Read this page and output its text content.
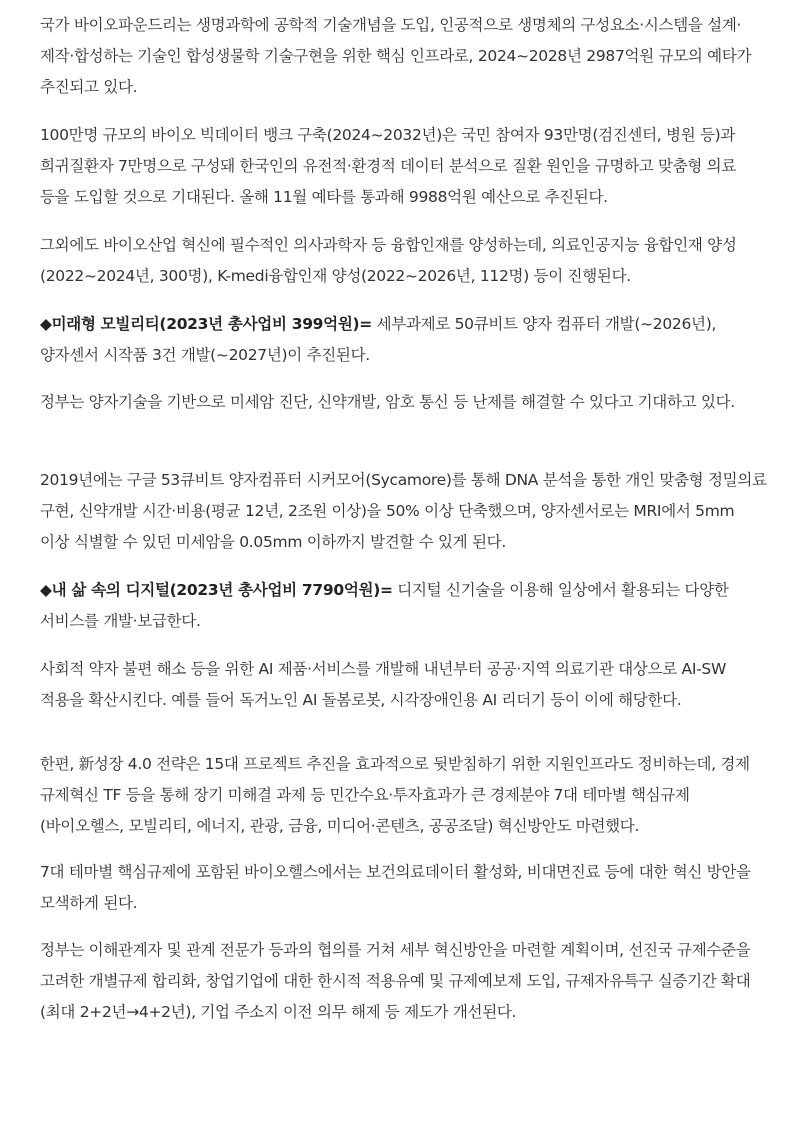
국가 바이오파운드리는 생명과학에 공학적 기술개념을 도입, 인공적으로 생명체의 구성요소·시스템을 설계·제작·합성하는 기술인 합성생물학 기술구현을 위한 핵심 인프라로, 2024~2028년 2987억원 규모의 예타가 추진되고 있다.

100만명 규모의 바이오 빅데이터 뱅크 구축(2024~2032년)은 국민 참여자 93만명(검진센터, 병원 등)과 희귀질환자 7만명으로 구성돼 한국인의 유전적·환경적 데이터 분석으로 질환 원인을 규명하고 맞춤형 의료 등을 도입할 것으로 기대된다. 올해 11월 예타를 통과해 9988억원 예산으로 추진된다.

그외에도 바이오산업 혁신에 필수적인 의사과학자 등 융합인재를 양성하는데, 의료인공지능 융합인재 양성(2022~2024년, 300명), K-medi융합인재 양성(2022~2026년, 112명) 등이 진행된다.

◆미래형 모빌리티(2023년 총사업비 399억원)= 세부과제로 50큐비트 양자 컴퓨터 개발(~2026년), 양자센서 시작품 3건 개발(~2027년)이 추진된다.

정부는 양자기술을 기반으로 미세암 진단, 신약개발, 암호 통신 등 난제를 해결할 수 있다고 기대하고 있다.

2019년에는 구글 53큐비트 양자컴퓨터 시커모어(Sycamore)를 통해 DNA 분석을 통한 개인 맞춤형 정밀의료 구현, 신약개발 시간·비용(평균 12년, 2조원 이상)을 50% 이상 단축했으며, 양자센서로는 MRI에서 5mm 이상 식별할 수 있던 미세암을 0.05mm 이하까지 발견할 수 있게 된다.

◆내 삶 속의 디지털(2023년 총사업비 7790억원)= 디지털 신기술을 이용해 일상에서 활용되는 다양한 서비스를 개발·보급한다.

사회적 약자 불편 해소 등을 위한 AI 제품·서비스를 개발해 내년부터 공공·지역 의료기관 대상으로 AI-SW 적용을 확산시킨다. 예를 들어 독거노인 AI 돌봄로봇, 시각장애인용 AI 리더기 등이 이에 해당한다.

한편, 新성장 4.0 전략은 15대 프로젝트 추진을 효과적으로 뒷받침하기 위한 지원인프라도 정비하는데, 경제 규제혁신 TF 등을 통해 장기 미해결 과제 등 민간수요·투자효과가 큰 경제분야 7대 테마별 핵심규제(바이오헬스, 모빌리티, 에너지, 관광, 금융, 미디어·콘텐츠, 공공조달) 혁신방안도 마련했다.

7대 테마별 핵심규제에 포함된 바이오헬스에서는 보건의료데이터 활성화, 비대면진료 등에 대한 혁신 방안을 모색하게 된다.

정부는 이해관계자 및 관계 전문가 등과의 협의를 거쳐 세부 혁신방안을 마련할 계획이며, 선진국 규제수준을 고려한 개별규제 합리화, 창업기업에 대한 한시적 적용유예 및 규제예보제 도입, 규제자유특구 실증기간 확대(최대 2+2년→4+2년), 기업 주소지 이전 의무 해제 등 제도가 개선된다.
